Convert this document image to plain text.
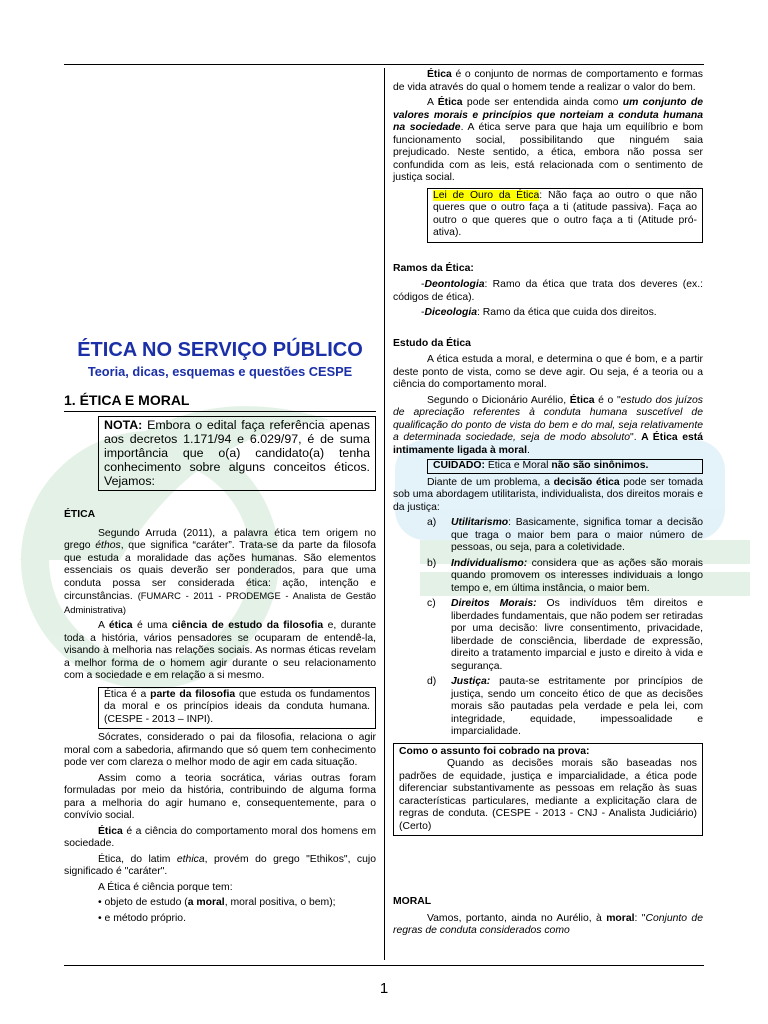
ÉTICA NO SERVIÇO PÚBLICO
Teoria, dicas, esquemas e questões CESPE
1. ÉTICA E MORAL
NOTA: Embora o edital faça referência apenas aos decretos 1.171/94 e 6.029/97, é de suma importância que o(a) candidato(a) tenha conhecimento sobre alguns conceitos éticos. Vejamos:

ÉTICA

Segundo Arruda (2011), a palavra ética tem origem no grego éthos, que significa “caráter”. Trata-se da parte da filosofa que estuda a moralidade das ações humanas. São elementos essenciais os quais deverão ser ponderados, para que uma conduta possa ser considerada ética: ação, intenção e circunstâncias. (FUMARC - 2011 - PRODEMGE - Analista de Gestão Administrativa)

A ética é uma ciência de estudo da filosofia e, durante toda a história, vários pensadores se ocuparam de entendê-la, visando à melhoria nas relações sociais. As normas éticas revelam a melhor forma de o homem agir durante o seu relacionamento com a sociedade e em relação a si mesmo.

Ética é a parte da filosofia que estuda os fundamentos da moral e os princípios ideais da conduta humana. (CESPE - 2013 – INPI).

Sócrates, considerado o pai da filosofia, relaciona o agir moral com a sabedoria, afirmando que só quem tem conhecimento pode ver com clareza o melhor modo de agir em cada situação.

Assim como a teoria socrática, várias outras foram formuladas por meio da história, contribuindo de alguma forma para a melhoria do agir humano e, consequentemente, para o convívio social.

Ética é a ciência do comportamento moral dos homens em sociedade.

Ética, do latim ethica, provém do grego "Ethikos", cujo significado é "caráter".

A Ética é ciência porque tem:

• objeto de estudo (a moral, moral positiva, o bem);

• e método próprio.

Ética é o conjunto de normas de comportamento e formas de vida através do qual o homem tende a realizar o valor do bem.

A Ética pode ser entendida ainda como um conjunto de valores morais e princípios que norteiam a conduta humana na sociedade. A ética serve para que haja um equilíbrio e bom funcionamento social, possibilitando que ninguém saia prejudicado. Neste sentido, a ética, embora não possa ser confundida com as leis, está relacionada com o sentimento de justiça social.

Lei de Ouro da Ética: Não faça ao outro o que não queres que o outro faça a ti (atitude passiva). Faça ao outro o que queres que o outro faça a ti (Atitude pró-ativa).

Ramos da Ética:

-Deontologia: Ramo da ética que trata dos deveres (ex.: códigos de ética).

-Diceologia: Ramo da ética que cuida dos direitos.

Estudo da Ética

A ética estuda a moral, e determina o que é bom, e a partir deste ponto de vista, como se deve agir. Ou seja, é a teoria ou a ciência do comportamento moral.

Segundo o Dicionário Aurélio, Ética é o "estudo dos juízos de apreciação referentes à conduta humana suscetível de qualificação do ponto de vista do bem e do mal, seja relativamente a determinada sociedade, seja de modo absoluto". A Ética está intimamente ligada à moral.

CUIDADO: Ética e Moral não são sinônimos.

Diante de um problema, a decisão ética pode ser tomada sob uma abordagem utilitarista, individualista, dos direitos morais e da justiça:

a)	Utilitarismo: Basicamente, significa tomar a decisão que traga o maior bem para o maior número de pessoas, ou seja, para a coletividade.
b)	Individualismo: considera que as ações são morais quando promovem os interesses individuais a longo tempo e, em última instância, o maior bem.
c)	Direitos Morais: Os indivíduos têm direitos e liberdades fundamentais, que não podem ser retiradas por uma decisão: livre consentimento, privacidade, liberdade de consciência, liberdade de expressão, direito a tratamento imparcial e justo e direito à vida e segurança.
d)	Justiça: pauta-se estritamente por princípios de justiça, sendo um conceito ético de que as decisões morais são pautadas pela verdade e pela lei, com integridade, equidade, impessoalidade e imparcialidade.
Como o assunto foi cobrado na prova:

Quando as decisões morais são baseadas nos padrões de equidade, justiça e imparcialidade, a ética pode diferenciar substantivamente as pessoas em relação às suas características particulares, mediante a explicitação clara de regras de conduta. (CESPE - 2013 - CNJ - Analista Judiciário) (Certo)

MORAL

Vamos, portanto, ainda no Aurélio, à moral: "Conjunto de regras de conduta considerados como

1
